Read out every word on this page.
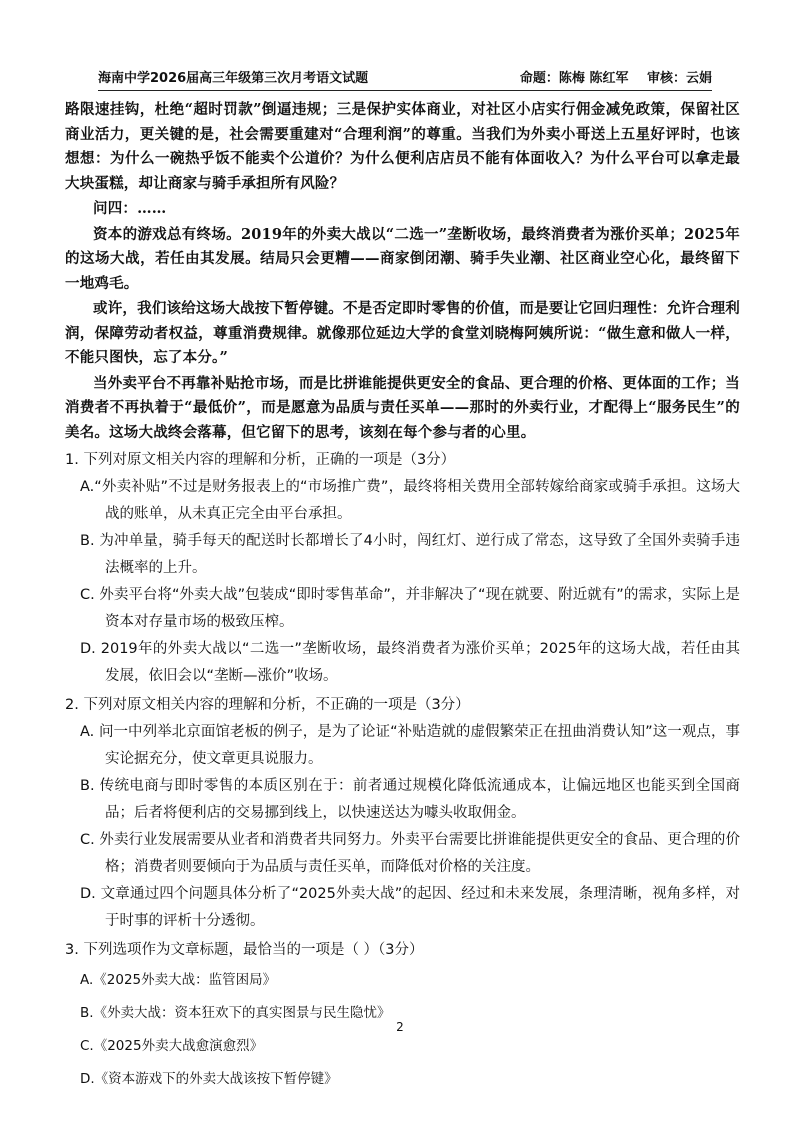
海南中学2026届高三年级第三次月考语文试题	命题：陈梅 陈红军 审核：云娟

路限速挂钩，杜绝“超时罚款”倒逼违规；三是保护实体商业，对社区小店实行佣金减免政策，保留社区商业活力，更关键的是，社会需要重建对“合理利润”的尊重。当我们为外卖小哥送上五星好评时，也该想想：为什么一碗热乎饭不能卖个公道价？为什么便利店店员不能有体面收入？为什么平台可以拿走最大块蛋糕，却让商家与骑手承担所有风险？

问四：……

资本的游戏总有终场。2019年的外卖大战以“二选一”垄断收场，最终消费者为涨价买单；2025年的这场大战，若任由其发展。结局只会更糟——商家倒闭潮、骑手失业潮、社区商业空心化，最终留下一地鸡毛。

或许，我们该给这场大战按下暂停键。不是否定即时零售的价值，而是要让它回归理性：允许合理利润，保障劳动者权益，尊重消费规律。就像那位延边大学的食堂刘晓梅阿姨所说：“做生意和做人一样，不能只图快，忘了本分。”

当外卖平台不再靠补贴抢市场，而是比拼谁能提供更安全的食品、更合理的价格、更体面的工作；当消费者不再执着于“最低价”，而是愿意为品质与责任买单——那时的外卖行业，才配得上“服务民生”的美名。这场大战终会落幕，但它留下的思考，该刻在每个参与者的心里。

1. 下列对原文相关内容的理解和分析，正确的一项是（3分）
A.“外卖补贴”不过是财务报表上的“市场推广费”，最终将相关费用全部转嫁给商家或骑手承担。这场大战的账单，从未真正完全由平台承担。
B. 为冲单量，骑手每天的配送时长都增长了4小时，闯红灯、逆行成了常态，这导致了全国外卖骑手违法概率的上升。
C. 外卖平台将“外卖大战”包装成“即时零售革命”，并非解决了“现在就要、附近就有”的需求，实际上是资本对存量市场的极致压榨。
D. 2019年的外卖大战以“二选一”垄断收场，最终消费者为涨价买单；2025年的这场大战，若任由其发展，依旧会以“垄断—涨价”收场。
2. 下列对原文相关内容的理解和分析，不正确的一项是（3分）
A. 问一中列举北京面馆老板的例子，是为了论证“补贴造就的虚假繁荣正在扭曲消费认知”这一观点，事实论据充分，使文章更具说服力。
B. 传统电商与即时零售的本质区别在于：前者通过规模化降低流通成本，让偏远地区也能买到全国商品；后者将便利店的交易挪到线上，以快速送达为噱头收取佣金。
C. 外卖行业发展需要从业者和消费者共同努力。外卖平台需要比拼谁能提供更安全的食品、更合理的价格；消费者则要倾向于为品质与责任买单，而降低对价格的关注度。
D. 文章通过四个问题具体分析了“2025外卖大战”的起因、经过和未来发展，条理清晰，视角多样，对于时事的评析十分透彻。
3. 下列选项作为文章标题，最恰当的一项是（ ）（3分）
A.《2025外卖大战：监管困局》
B.《外卖大战：资本狂欢下的真实图景与民生隐忧》
C.《2025外卖大战愈演愈烈》
D.《资本游戏下的外卖大战该按下暂停键》
2
